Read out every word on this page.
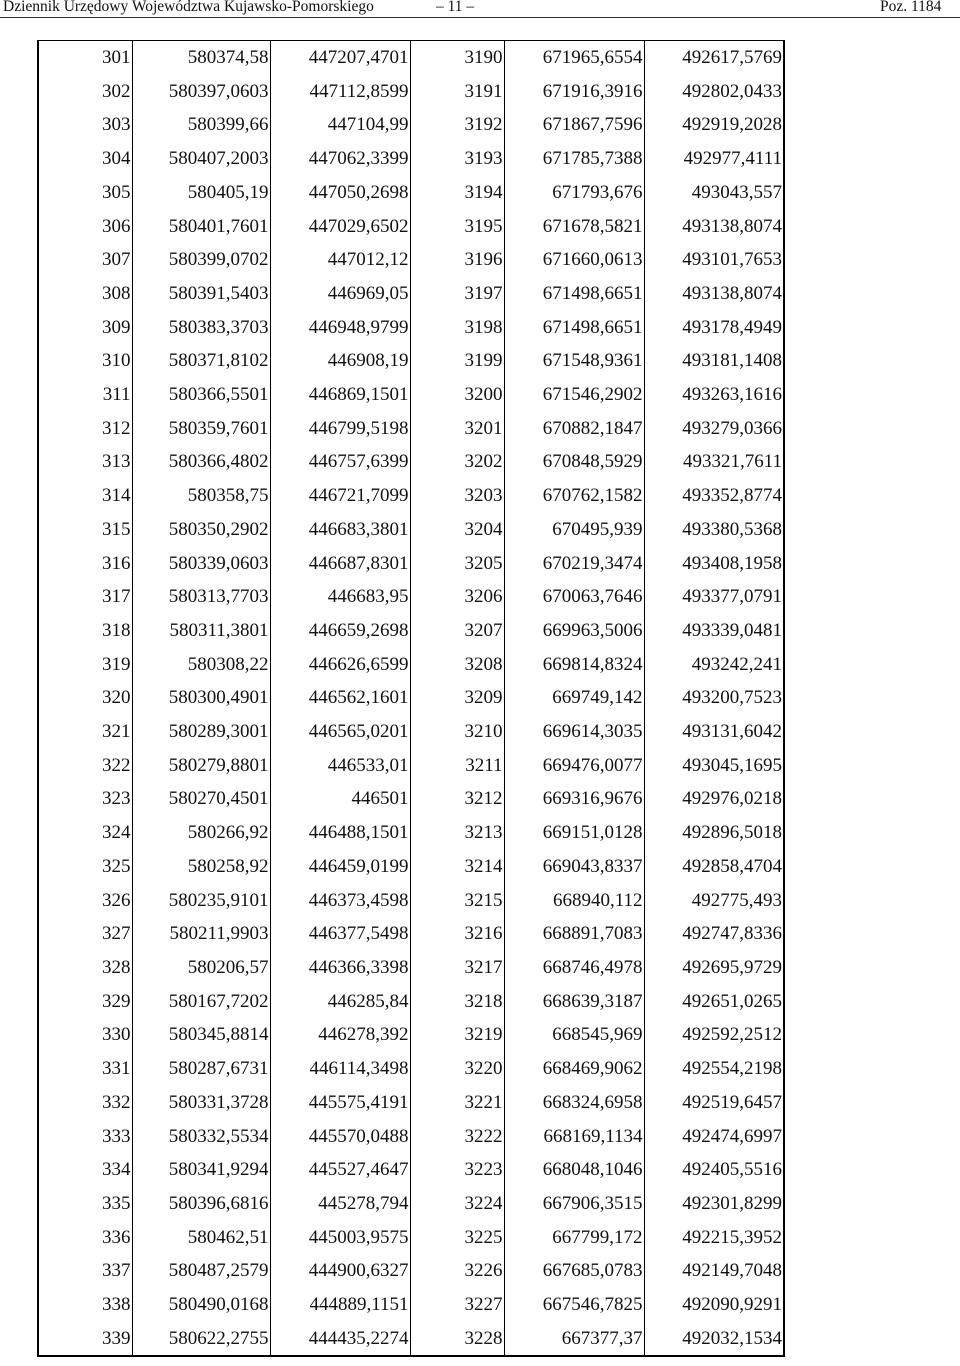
Dziennik Urzędowy Województwa Kujawsko-Pomorskiego	– 11 –	Poz. 1184
301	580374,58	447207,4701	3190	671965,6554	492617,5769
302	580397,0603	447112,8599	3191	671916,3916	492802,0433
303	580399,66	447104,99	3192	671867,7596	492919,2028
304	580407,2003	447062,3399	3193	671785,7388	492977,4111
305	580405,19	447050,2698	3194	671793,676	493043,557
306	580401,7601	447029,6502	3195	671678,5821	493138,8074
307	580399,0702	447012,12	3196	671660,0613	493101,7653
308	580391,5403	446969,05	3197	671498,6651	493138,8074
309	580383,3703	446948,9799	3198	671498,6651	493178,4949
310	580371,8102	446908,19	3199	671548,9361	493181,1408
311	580366,5501	446869,1501	3200	671546,2902	493263,1616
312	580359,7601	446799,5198	3201	670882,1847	493279,0366
313	580366,4802	446757,6399	3202	670848,5929	493321,7611
314	580358,75	446721,7099	3203	670762,1582	493352,8774
315	580350,2902	446683,3801	3204	670495,939	493380,5368
316	580339,0603	446687,8301	3205	670219,3474	493408,1958
317	580313,7703	446683,95	3206	670063,7646	493377,0791
318	580311,3801	446659,2698	3207	669963,5006	493339,0481
319	580308,22	446626,6599	3208	669814,8324	493242,241
320	580300,4901	446562,1601	3209	669749,142	493200,7523
321	580289,3001	446565,0201	3210	669614,3035	493131,6042
322	580279,8801	446533,01	3211	669476,0077	493045,1695
323	580270,4501	446501	3212	669316,9676	492976,0218
324	580266,92	446488,1501	3213	669151,0128	492896,5018
325	580258,92	446459,0199	3214	669043,8337	492858,4704
326	580235,9101	446373,4598	3215	668940,112	492775,493
327	580211,9903	446377,5498	3216	668891,7083	492747,8336
328	580206,57	446366,3398	3217	668746,4978	492695,9729
329	580167,7202	446285,84	3218	668639,3187	492651,0265
330	580345,8814	446278,392	3219	668545,969	492592,2512
331	580287,6731	446114,3498	3220	668469,9062	492554,2198
332	580331,3728	445575,4191	3221	668324,6958	492519,6457
333	580332,5534	445570,0488	3222	668169,1134	492474,6997
334	580341,9294	445527,4647	3223	668048,1046	492405,5516
335	580396,6816	445278,794	3224	667906,3515	492301,8299
336	580462,51	445003,9575	3225	667799,172	492215,3952
337	580487,2579	444900,6327	3226	667685,0783	492149,7048
338	580490,0168	444889,1151	3227	667546,7825	492090,9291
339	580622,2755	444435,2274	3228	667377,37	492032,1534
